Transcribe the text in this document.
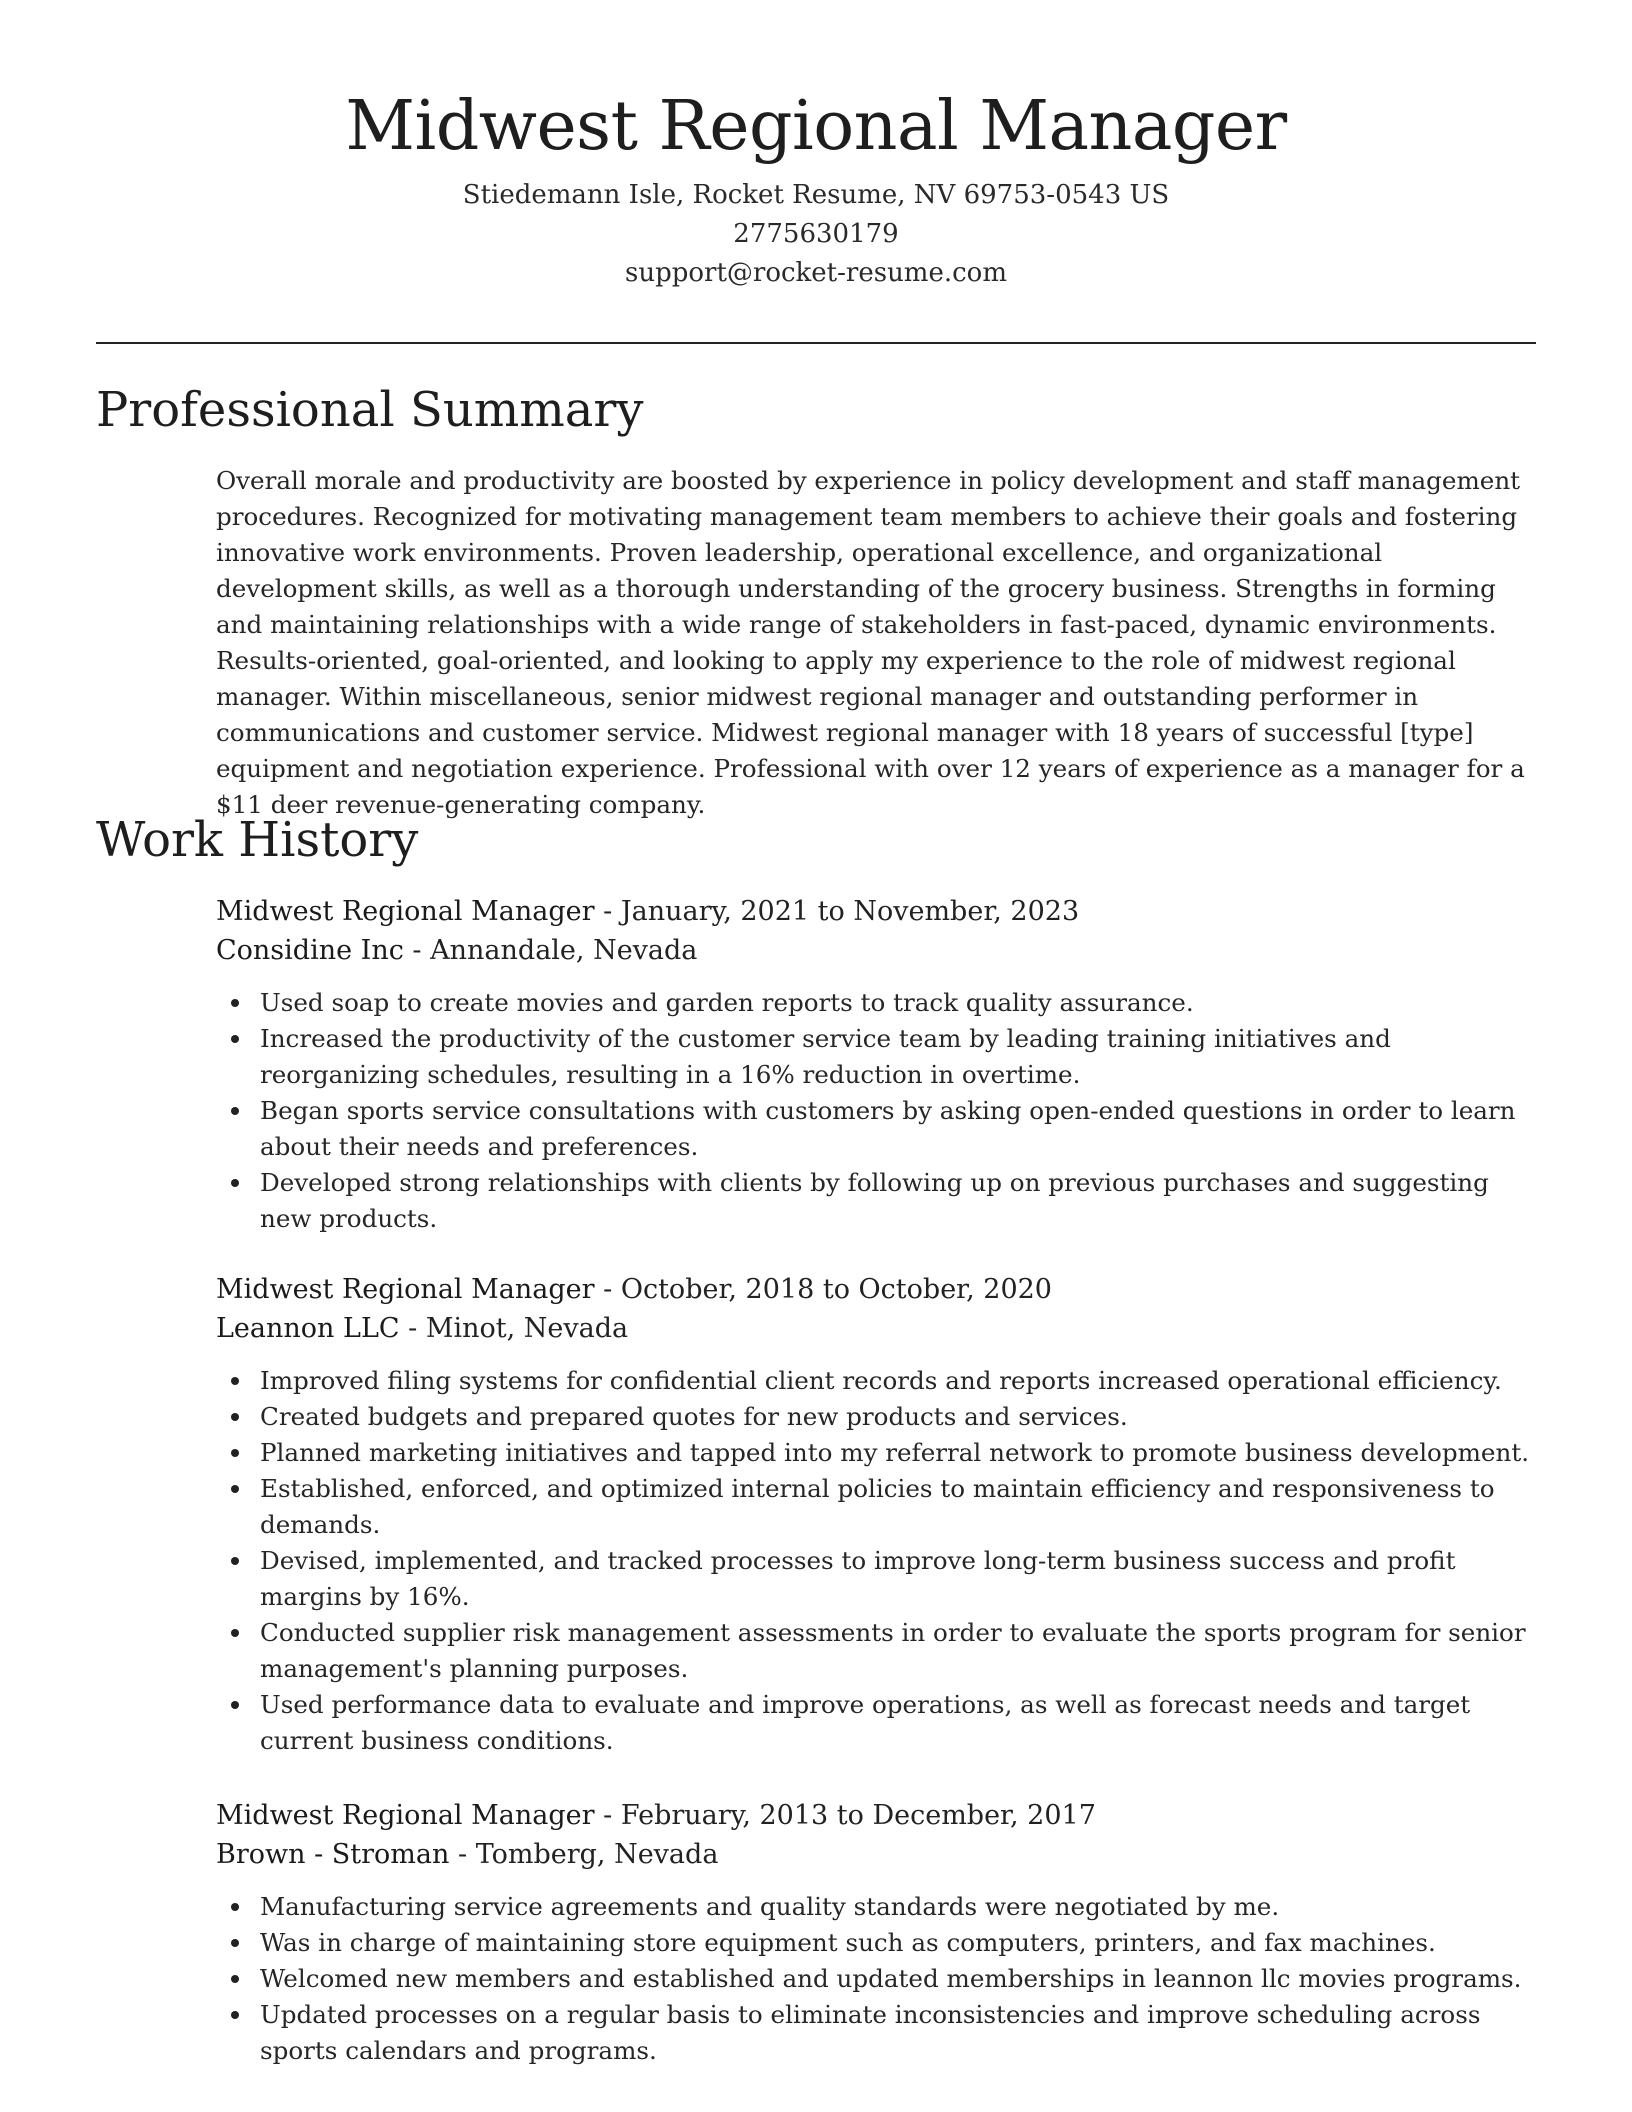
Midwest Regional Manager
Stiedemann Isle, Rocket Resume, NV 69753-0543 US
2775630179
support@rocket-resume.com
Professional Summary

Overall morale and productivity are boosted by experience in policy development and staff management procedures. Recognized for motivating management team members to achieve their goals and fostering innovative work environments. Proven leadership, operational excellence, and organizational development skills, as well as a thorough understanding of the grocery business. Strengths in forming and maintaining relationships with a wide range of stakeholders in fast-paced, dynamic environments. Results-oriented, goal-oriented, and looking to apply my experience to the role of midwest regional manager. Within miscellaneous, senior midwest regional manager and outstanding performer in communications and customer service. Midwest regional manager with 18 years of successful [type] equipment and negotiation experience. Professional with over 12 years of experience as a manager for a $11 deer revenue-generating company.

Work History
Midwest Regional Manager - January, 2021 to November, 2023
Considine Inc - Annandale, Nevada
Used soap to create movies and garden reports to track quality assurance.
Increased the productivity of the customer service team by leading training initiatives and reorganizing schedules, resulting in a 16% reduction in overtime.
Began sports service consultations with customers by asking open-ended questions in order to learn about their needs and preferences.
Developed strong relationships with clients by following up on previous purchases and suggesting new products.
Midwest Regional Manager - October, 2018 to October, 2020
Leannon LLC - Minot, Nevada
Improved filing systems for confidential client records and reports increased operational efficiency.
Created budgets and prepared quotes for new products and services.
Planned marketing initiatives and tapped into my referral network to promote business development.
Established, enforced, and optimized internal policies to maintain efficiency and responsiveness to demands.
Devised, implemented, and tracked processes to improve long-term business success and profit margins by 16%.
Conducted supplier risk management assessments in order to evaluate the sports program for senior management's planning purposes.
Used performance data to evaluate and improve operations, as well as forecast needs and target current business conditions.
Midwest Regional Manager - February, 2013 to December, 2017
Brown - Stroman - Tomberg, Nevada
Manufacturing service agreements and quality standards were negotiated by me.
Was in charge of maintaining store equipment such as computers, printers, and fax machines.
Welcomed new members and established and updated memberships in leannon llc movies programs.
Updated processes on a regular basis to eliminate inconsistencies and improve scheduling across sports calendars and programs.
